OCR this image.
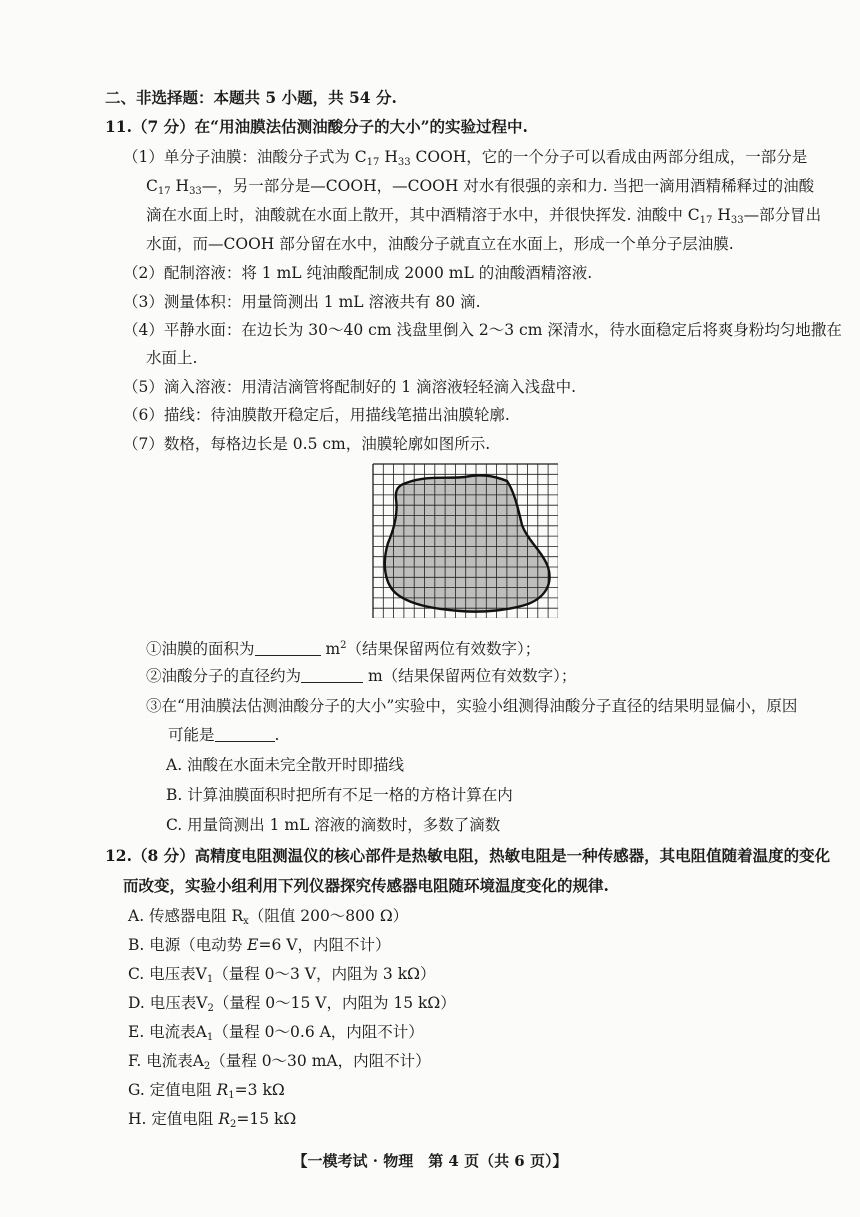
二、非选择题：本题共 5 小题，共 54 分.
11.（7 分）在“用油膜法估测油酸分子的大小”的实验过程中.
（1）单分子油膜：油酸分子式为 $C_{17}$ $H_{33}$ COOH，它的一个分子可以看成由两部分组成，一部分是
$C_{17}$ $H_{33}—$，另一部分是—COOH，—COOH 对水有很强的亲和力. 当把一滴用酒精稀释过的油酸
滴在水面上时，油酸就在水面上散开，其中酒精溶于水中，并很快挥发. 油酸中 $C_{17}$ $H_{33}—$部分冒出
水面，而—COOH 部分留在水中，油酸分子就直立在水面上，形成一个单分子层油膜.
（2）配制溶液：将 1 mL 纯油酸配制成 2000 mL 的油酸酒精溶液.
（3）测量体积：用量筒测出 1 mL 溶液共有 80 滴.
（4）平静水面：在边长为 30～40 cm 浅盘里倒入 2～3 cm 深清水，待水面稳定后将爽身粉均匀地撒在
水面上.
（5）滴入溶液：用清洁滴管将配制好的 1 滴溶液轻轻滴入浅盘中.
（6）描线：待油膜散开稳定后，用描线笔描出油膜轮廓.
（7）数格，每格边长是 0.5 cm，油膜轮廓如图所示.
①油膜的面积为	$m^2$（结果保留两位有效数字）；
②油酸分子的直径约为	m（结果保留两位有效数字）；
③在“用油膜法估测油酸分子的大小”实验中，实验小组测得油酸分子直径的结果明显偏小，原因
可能是	.
A. 油酸在水面未完全散开时即描线
B. 计算油膜面积时把所有不足一格的方格计算在内
C. 用量筒测出 1 mL 溶液的滴数时，多数了滴数
12.（8 分）高精度电阻测温仪的核心部件是热敏电阻，热敏电阻是一种传感器，其电阻值随着温度的变化
而改变，实验小组利用下列仪器探究传感器电阻随环境温度变化的规律.
A. 传感器电阻 $R_x$（阻值 200～800 Ω）
B. 电源（电动势 E=6 V，内阻不计）
C. 电压表$V_1$（量程 0～3 V，内阻为 3 kΩ）
D. 电压表$V_2$（量程 0～15 V，内阻为 15 kΩ）
E. 电流表$A_1$（量程 0～0.6 A，内阻不计）
F. 电流表$A_2$（量程 0～30 mA，内阻不计）
G. 定值电阻 $R_1=3$ kΩ
H. 定值电阻 $R_2=15$ kΩ
【一模考试 · 物理　第 4 页（共 6 页）】
